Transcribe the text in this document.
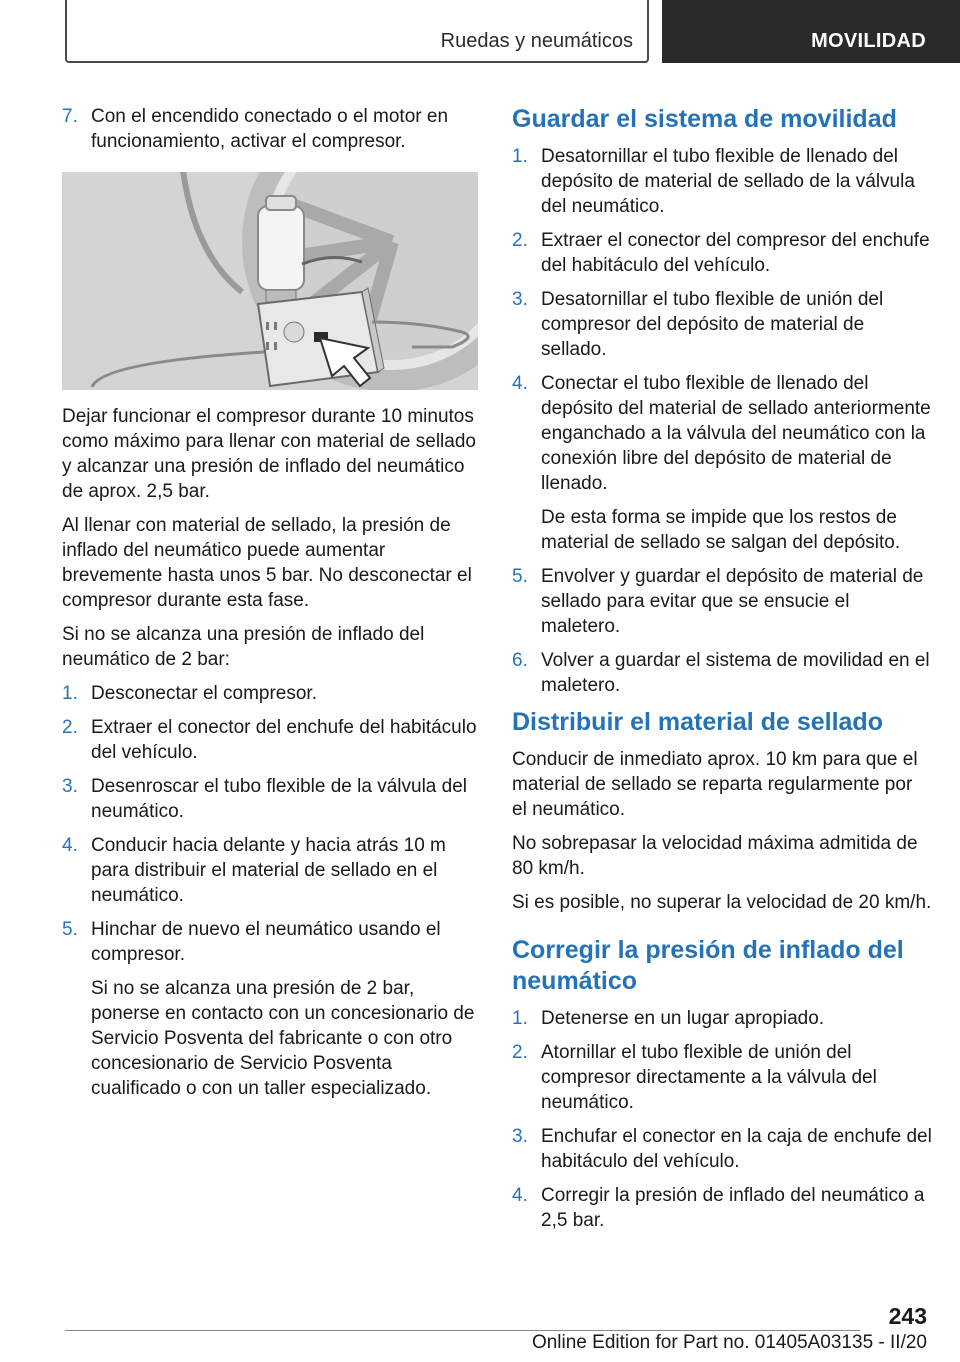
Ruedas y neumáticos	MOVILIDAD
7. Con el encendido conectado o el motor en funcionamiento, activar el compresor.

Dejar funcionar el compresor durante 10 minutos como máximo para llenar con material de sellado y alcanzar una presión de inflado del neumático de aprox. 2,5 bar.

Al llenar con material de sellado, la presión de inflado del neumático puede aumentar brevemente hasta unos 5 bar. No desconectar el compresor durante esta fase.

Si no se alcanza una presión de inflado del neumático de 2 bar:

1. Desconectar el compresor.
2. Extraer el conector del enchufe del habitáculo del vehículo.
3. Desenroscar el tubo flexible de la válvula del neumático.
4. Conducir hacia delante y hacia atrás 10 m para distribuir el material de sellado en el neumático.
5. Hinchar de nuevo el neumático usando el compresor.
Si no se alcanza una presión de 2 bar, ponerse en contacto con un concesionario de Servicio Posventa del fabricante o con otro concesionario de Servicio Posventa cualificado o con un taller especializado.
Guardar el sistema de movilidad
1. Desatornillar el tubo flexible de llenado del depósito de material de sellado de la válvula del neumático.
2. Extraer el conector del compresor del enchufe del habitáculo del vehículo.
3. Desatornillar el tubo flexible de unión del compresor del depósito de material de sellado.
4. Conectar el tubo flexible de llenado del depósito del material de sellado anteriormente enganchado a la válvula del neumático con la conexión libre del depósito de material de llenado.
De esta forma se impide que los restos de material de sellado se salgan del depósito.
5. Envolver y guardar el depósito de material de sellado para evitar que se ensucie el maletero.
6. Volver a guardar el sistema de movilidad en el maletero.
Distribuir el material de sellado

Conducir de inmediato aprox. 10 km para que el material de sellado se reparta regularmente por el neumático.

No sobrepasar la velocidad máxima admitida de 80 km/h.

Si es posible, no superar la velocidad de 20 km/h.

Corregir la presión de inflado del neumático
1. Detenerse en un lugar apropiado.
2. Atornillar el tubo flexible de unión del compresor directamente a la válvula del neumático.
3. Enchufar el conector en la caja de enchufe del habitáculo del vehículo.
4. Corregir la presión de inflado del neumático a 2,5 bar.
243
Online Edition for Part no. 01405A03135 - II/20
